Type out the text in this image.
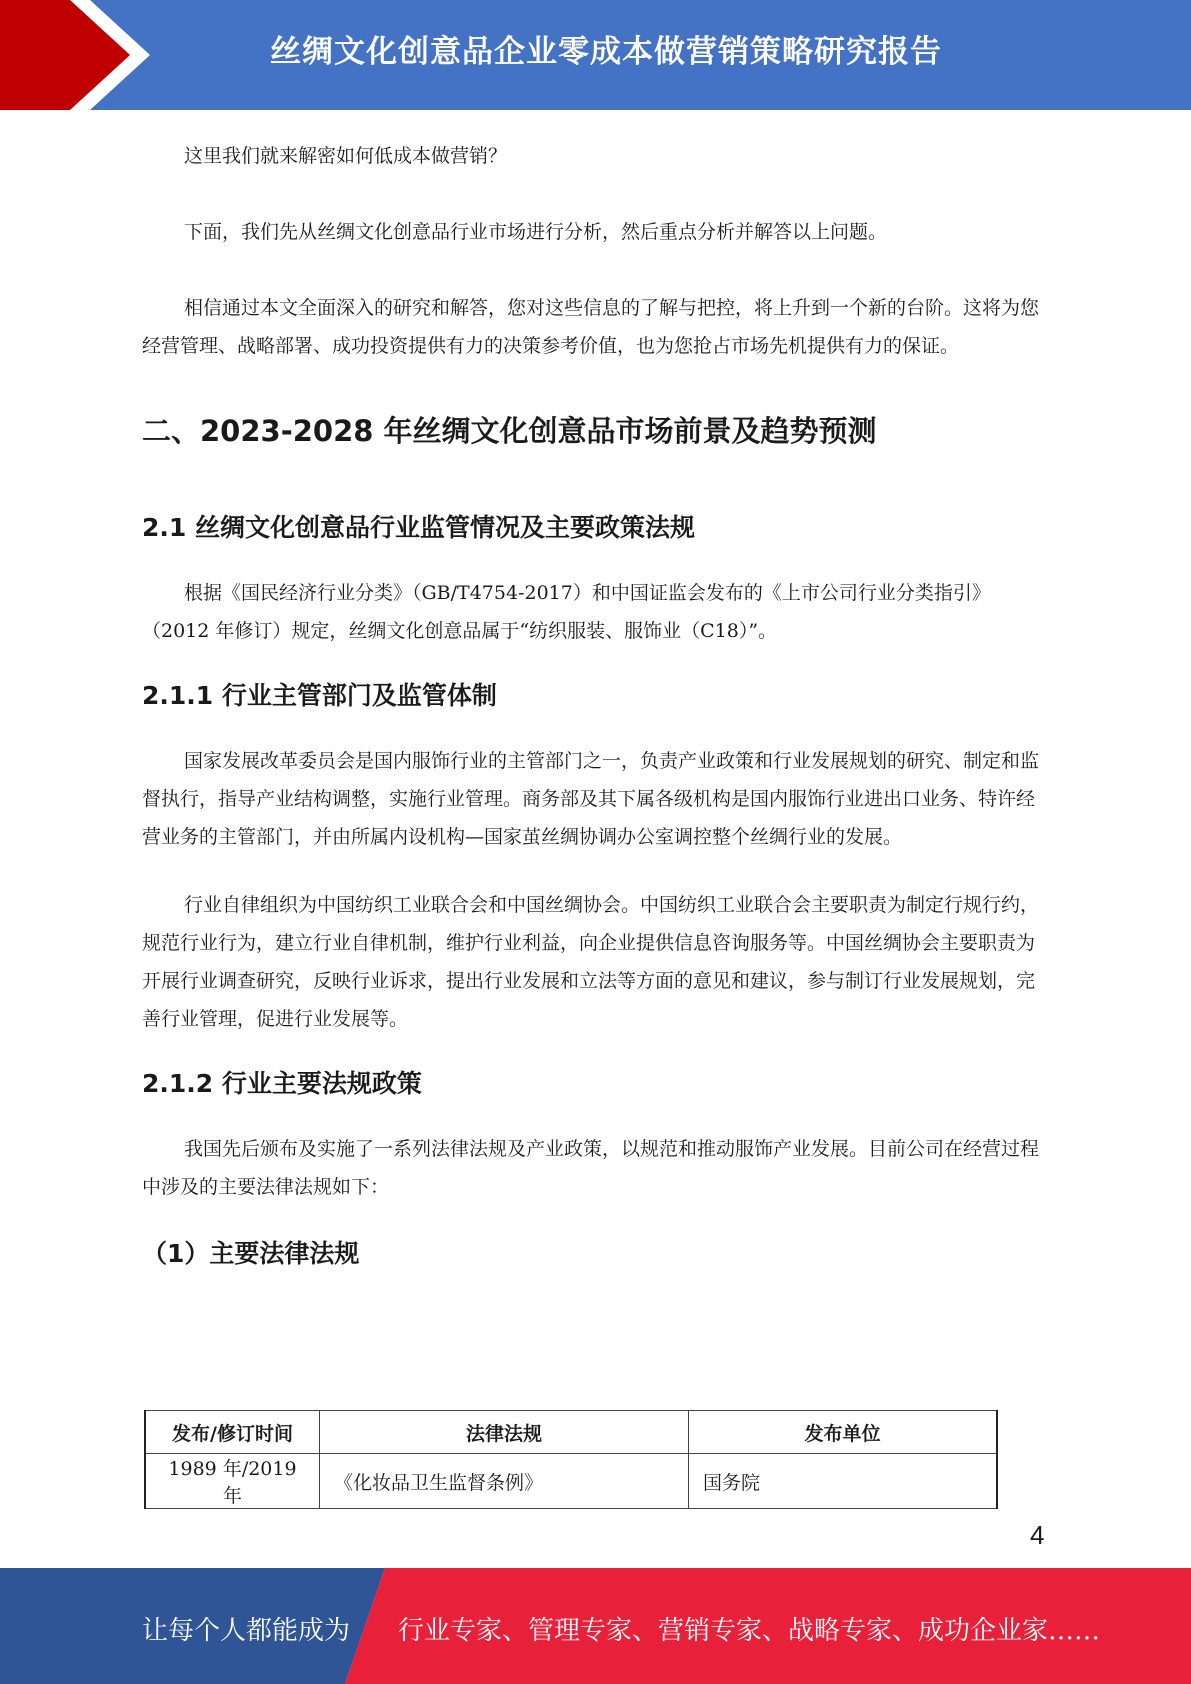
丝绸文化创意品企业零成本做营销策略研究报告

这里我们就来解密如何低成本做营销？

下面，我们先从丝绸文化创意品行业市场进行分析，然后重点分析并解答以上问题。

相信通过本文全面深入的研究和解答，您对这些信息的了解与把控，将上升到一个新的台阶。这将为您经营管理、战略部署、成功投资提供有力的决策参考价值，也为您抢占市场先机提供有力的保证。

二、2023-2028 年丝绸文化创意品市场前景及趋势预测
2.1 丝绸文化创意品行业监管情况及主要政策法规

根据《国民经济行业分类》（GB/T4754-2017）和中国证监会发布的《上市公司行业分类指引》（2012 年修订）规定，丝绸文化创意品属于“纺织服装、服饰业（C18）”。

2.1.1 行业主管部门及监管体制

国家发展改革委员会是国内服饰行业的主管部门之一，负责产业政策和行业发展规划的研究、制定和监督执行，指导产业结构调整，实施行业管理。商务部及其下属各级机构是国内服饰行业进出口业务、特许经营业务的主管部门，并由所属内设机构—国家茧丝绸协调办公室调控整个丝绸行业的发展。

行业自律组织为中国纺织工业联合会和中国丝绸协会。中国纺织工业联合会主要职责为制定行规行约，规范行业行为，建立行业自律机制，维护行业利益，向企业提供信息咨询服务等。中国丝绸协会主要职责为开展行业调查研究，反映行业诉求，提出行业发展和立法等方面的意见和建议，参与制订行业发展规划，完善行业管理，促进行业发展等。

2.1.2 行业主要法规政策

我国先后颁布及实施了一系列法律法规及产业政策，以规范和推动服饰产业发展。目前公司在经营过程中涉及的主要法律法规如下：

（1）主要法律法规
发布/修订时间	法律法规	发布单位
1989 年/2019 年	《化妆品卫生监督条例》	国务院
4
让每个人都能成为 行业专家、管理专家、营销专家、战略专家、成功企业家……
